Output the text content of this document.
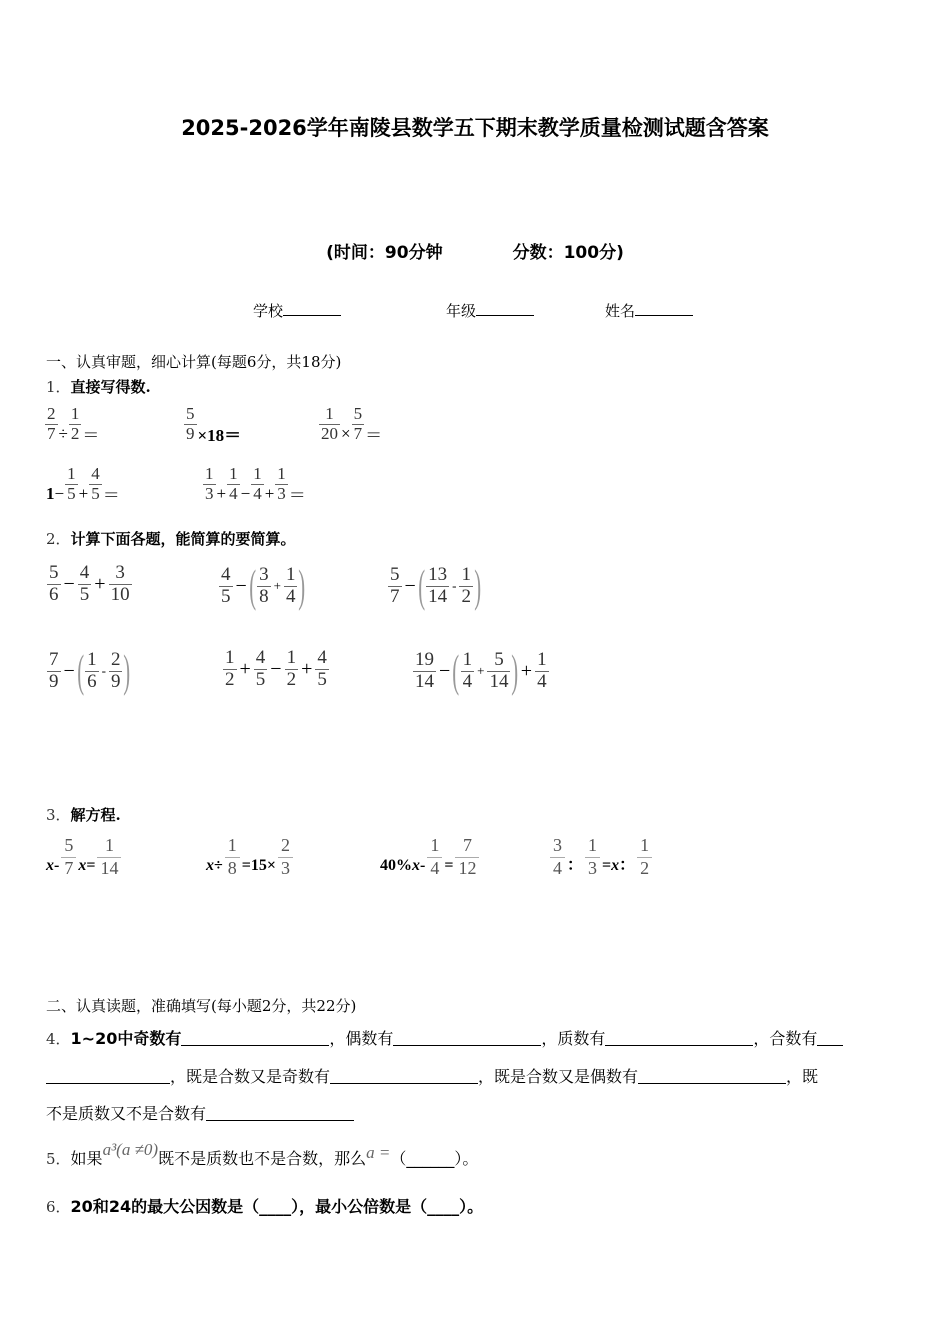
2025-2026学年南陵县数学五下期末教学质量检测试题含答案
(时间：90分钟	分数：100分)
学校	年级	姓名
一、认真审题，细心计算(每题6分，共18分)
1．直接写得数.
$\frac{2}{7} \div \frac{1}{2}$ ＝	$\frac{5}{9} \times 18=$	$\frac{1}{20} \times \frac{5}{7}$ ＝
$1 - \frac{1}{5} + \frac{4}{5}$ ＝	$\frac{1}{3} + \frac{1}{4} - \frac{1}{4} + \frac{1}{3}$ ＝
2．计算下面各题，能简算的要简算。
$\frac{5}{6} - \frac{4}{5} + \frac{3}{10}$	$\frac{4}{5}$ − ( $\frac{3}{8} + \frac{1}{4}$ )	$\frac{5}{7}$ − ( $\frac{13}{14} - \frac{1}{2}$ )
$\frac{7}{9}$ − ( $\frac{1}{6} - \frac{2}{9}$ )	$\frac{1}{2} + \frac{4}{5} - \frac{1}{2} + \frac{4}{5}$	$\frac{19}{14}$ − ( $\frac{1}{4} + \frac{5}{14}$ ) + $\frac{1}{4}$
3．解方程.
x -
5
7 $x = \frac{1}{14}$	$x \div \frac{1}{8} =15\times \frac{2}{3}$	40% $x - \frac{1}{4} = \frac{7}{12}$	3
4 ： $\frac{1}{3} = x$ ：
1
2
二、认真读题，准确填写(每小题2分，共22分)
4．1~20中奇数有	，偶数有	，质数有	，合数有
，既是合数又是奇数有	，既是合数又是偶数有	，既
不是质数又不是合数有
5．如果a³(a ≠0)既不是质数也不是合数，那么a =（______）。
6．20和24的最大公因数是（____），最小公倍数是（____）。
